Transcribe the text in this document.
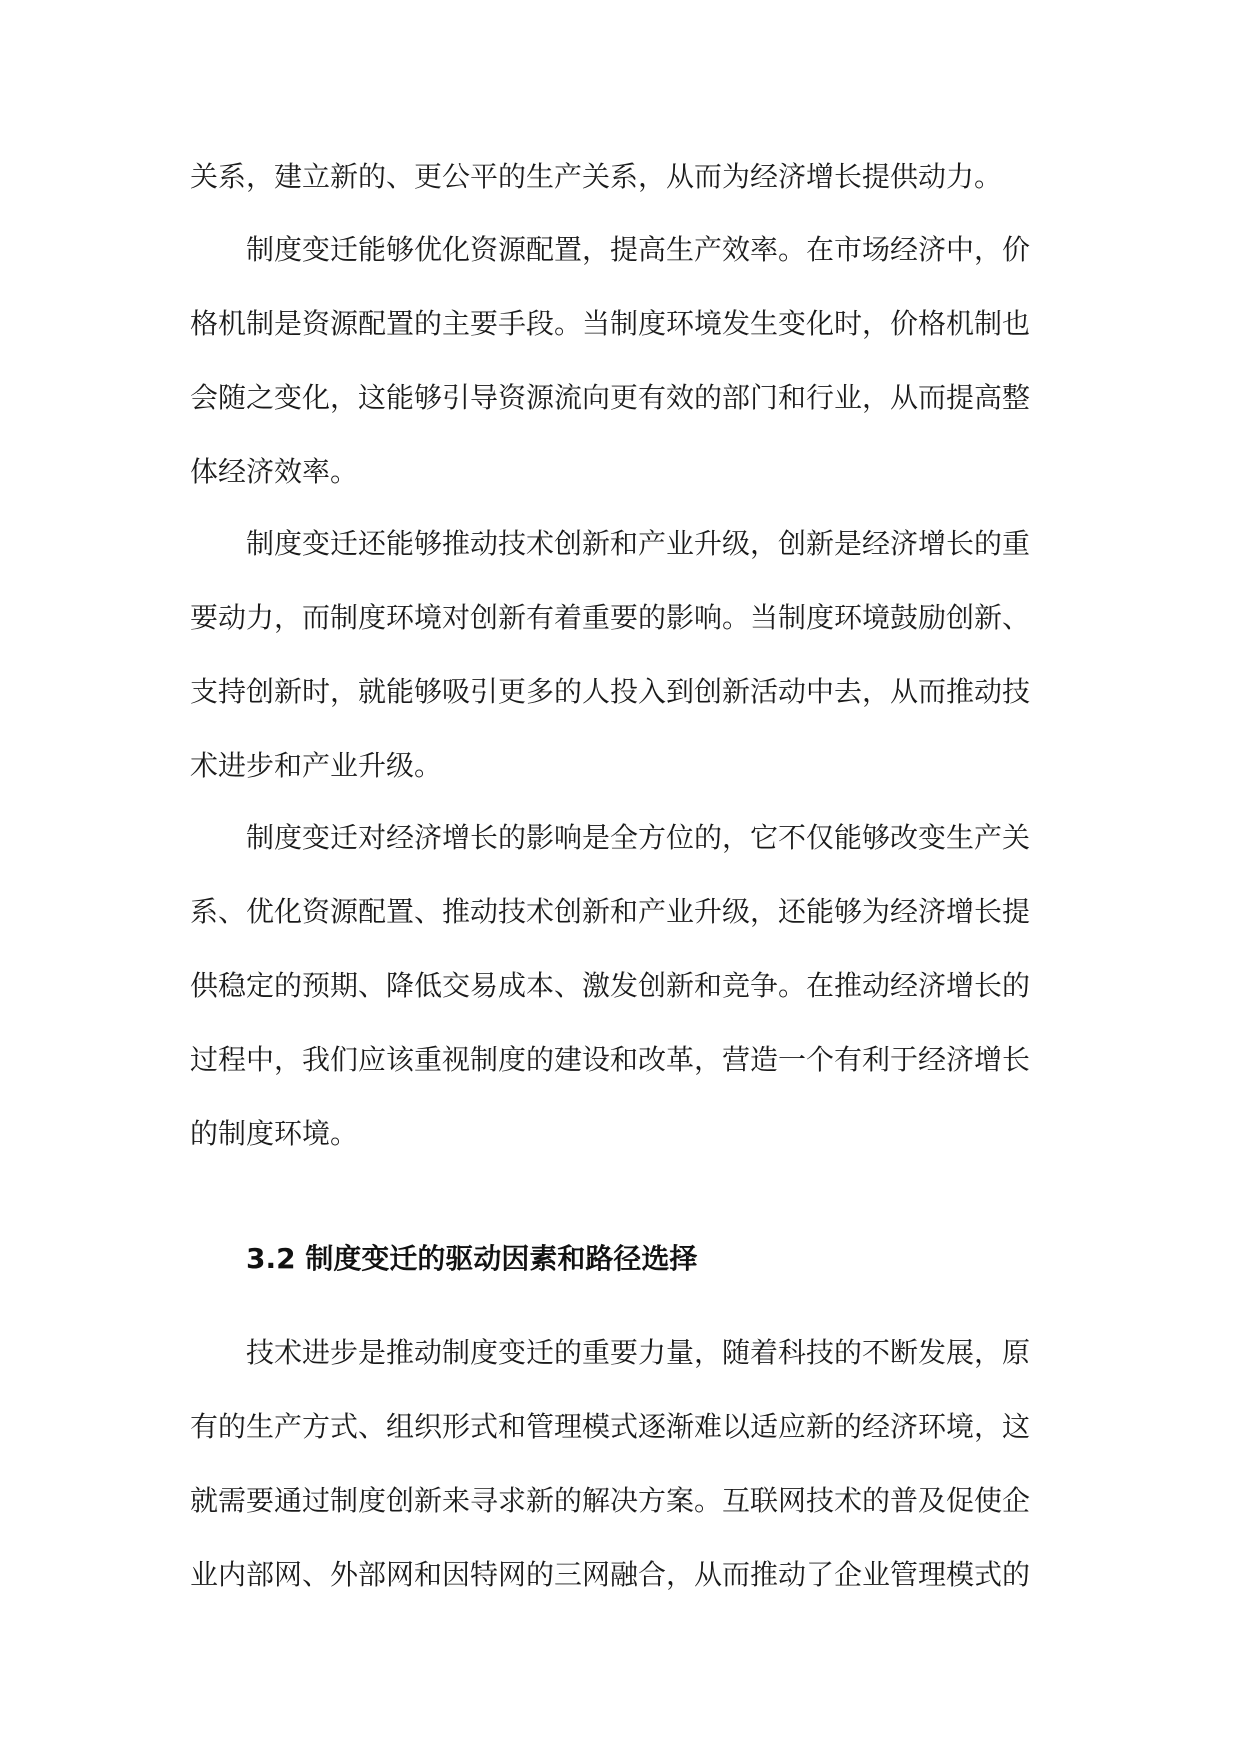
关系，建立新的、更公平的生产关系，从而为经济增长提供动力。
制度变迁能够优化资源配置，提高生产效率。在市场经济中，价
格机制是资源配置的主要手段。当制度环境发生变化时，价格机制也
会随之变化，这能够引导资源流向更有效的部门和行业，从而提高整
体经济效率。
制度变迁还能够推动技术创新和产业升级，创新是经济增长的重
要动力，而制度环境对创新有着重要的影响。当制度环境鼓励创新、
支持创新时，就能够吸引更多的人投入到创新活动中去，从而推动技
术进步和产业升级。
制度变迁对经济增长的影响是全方位的，它不仅能够改变生产关
系、优化资源配置、推动技术创新和产业升级，还能够为经济增长提
供稳定的预期、降低交易成本、激发创新和竞争。在推动经济增长的
过程中，我们应该重视制度的建设和改革，营造一个有利于经济增长
的制度环境。
3.2 制度变迁的驱动因素和路径选择
技术进步是推动制度变迁的重要力量，随着科技的不断发展，原
有的生产方式、组织形式和管理模式逐渐难以适应新的经济环境，这
就需要通过制度创新来寻求新的解决方案。互联网技术的普及促使企
业内部网、外部网和因特网的三网融合，从而推动了企业管理模式的
